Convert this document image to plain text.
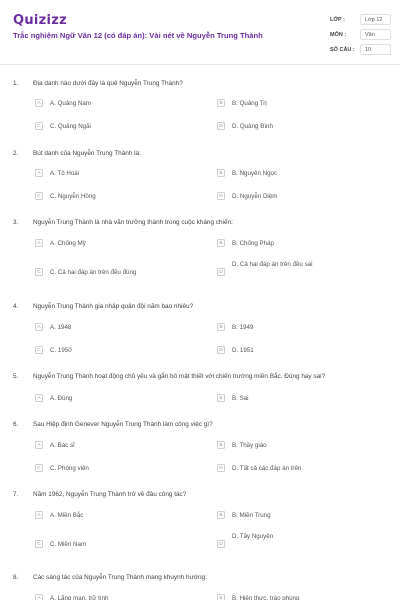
Quizizz
Trắc nghiệm Ngữ Văn 12 (có đáp án): Vài nét về Nguyễn Trung Thành
LỚP :	Lớp 12
MÔN :	Văn
SỐ CÂU :	10
1. Địa danh nào dưới đây là quê Nguyễn Trung Thành?
A	A. Quảng Nam	B	B. Quảng Trị
C	C. Quảng Ngãi	D	D. Quảng Bình
2. Bút danh của Nguyễn Trung Thành là:
A	A. Tô Hoài	B	B. Nguyên Ngọc
C	C. Nguyễn Hồng	D	D. Nguyễn Diệm
3. Nguyễn Trung Thành là nhà văn trưởng thành trong cuộc kháng chiến:
A	A. Chống Mỹ	B	B. Chống Pháp
C	C. Cả hai đáp án trên đều đúng	D
D. Cả hai đáp án trên đều sai
4. Nguyễn Trung Thành gia nhập quân đội năm bao nhiêu?
A	A. 1948	B	B. 1949
C	C. 1950	D	D. 1951
5. Nguyễn Trung Thành hoạt động chủ yếu và gắn bó mật thiết với chiến trường miền Bắc. Đúng hay sai?
A	A. Đúng	B	B. Sai
6. Sau Hiệp định Genever Nguyễn Trung Thành làm công việc gì?
A	A. Bác sĩ	B	B. Thầy giáo
C	C. Phóng viên	D	D. Tất cả các đáp án trên
7. Năm 1962, Nguyễn Trung Thành trở về đâu công tác?
A	A. Miền Bắc	B	B. Miền Trung
C	C. Miền Nam	D
D. Tây Nguyên
8. Các sáng tác của Nguyễn Trung Thành mang khuynh hướng:
A	A. Lãng mạn, trữ tình	B	B. Hiện thực, trào phúng
